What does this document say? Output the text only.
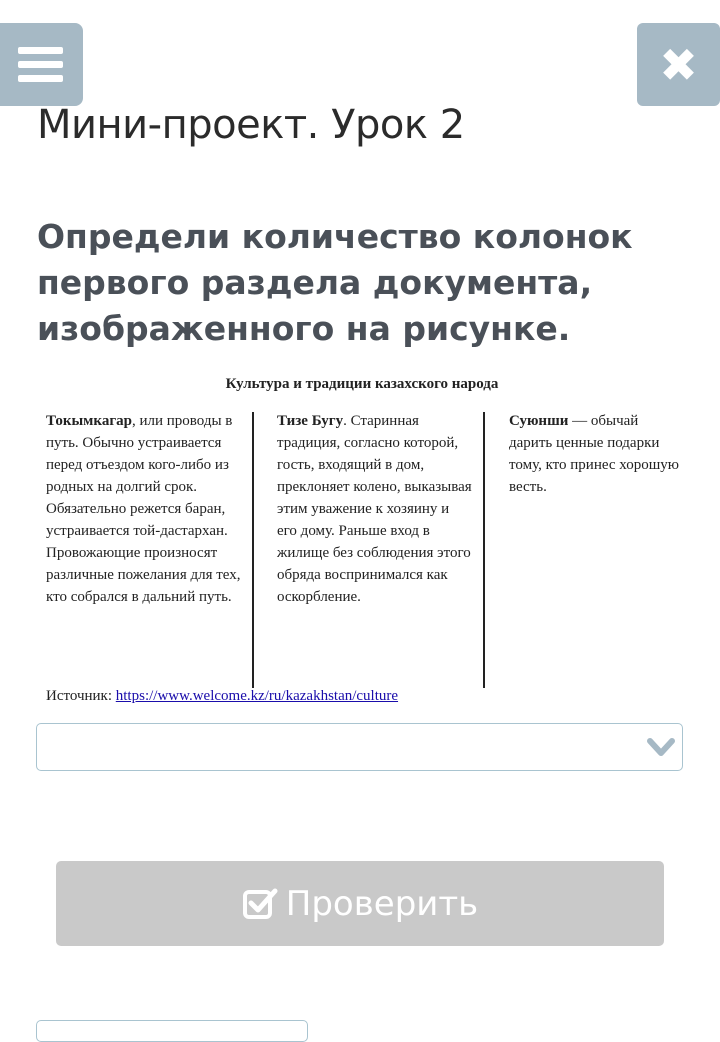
✖
Мини-проект. Урок 2
Определи количество колонок первого раздела документа, изображенного на рисунке.
Культура и традиции казахского народа
Токымкагар, или проводы в путь. Обычно устраивается перед отъездом кого-либо из родных на долгий срок. Обязательно режется баран, устраивается той-дастархан. Провожающие произносят различные пожелания для тех, кто собрался в дальний путь.
Тизе Бугу. Старинная традиция, согласно которой, гость, входящий в дом, преклоняет колено, выказывая этим уважение к хозяину и его дому. Раньше вход в жилище без соблюдения этого обряда воспринимался как оскорбление.
Суюнши — обычай дарить ценные подарки тому, кто принес хорошую весть.
Источник: https://www.welcome.kz/ru/kazakhstan/culture
Проверить
